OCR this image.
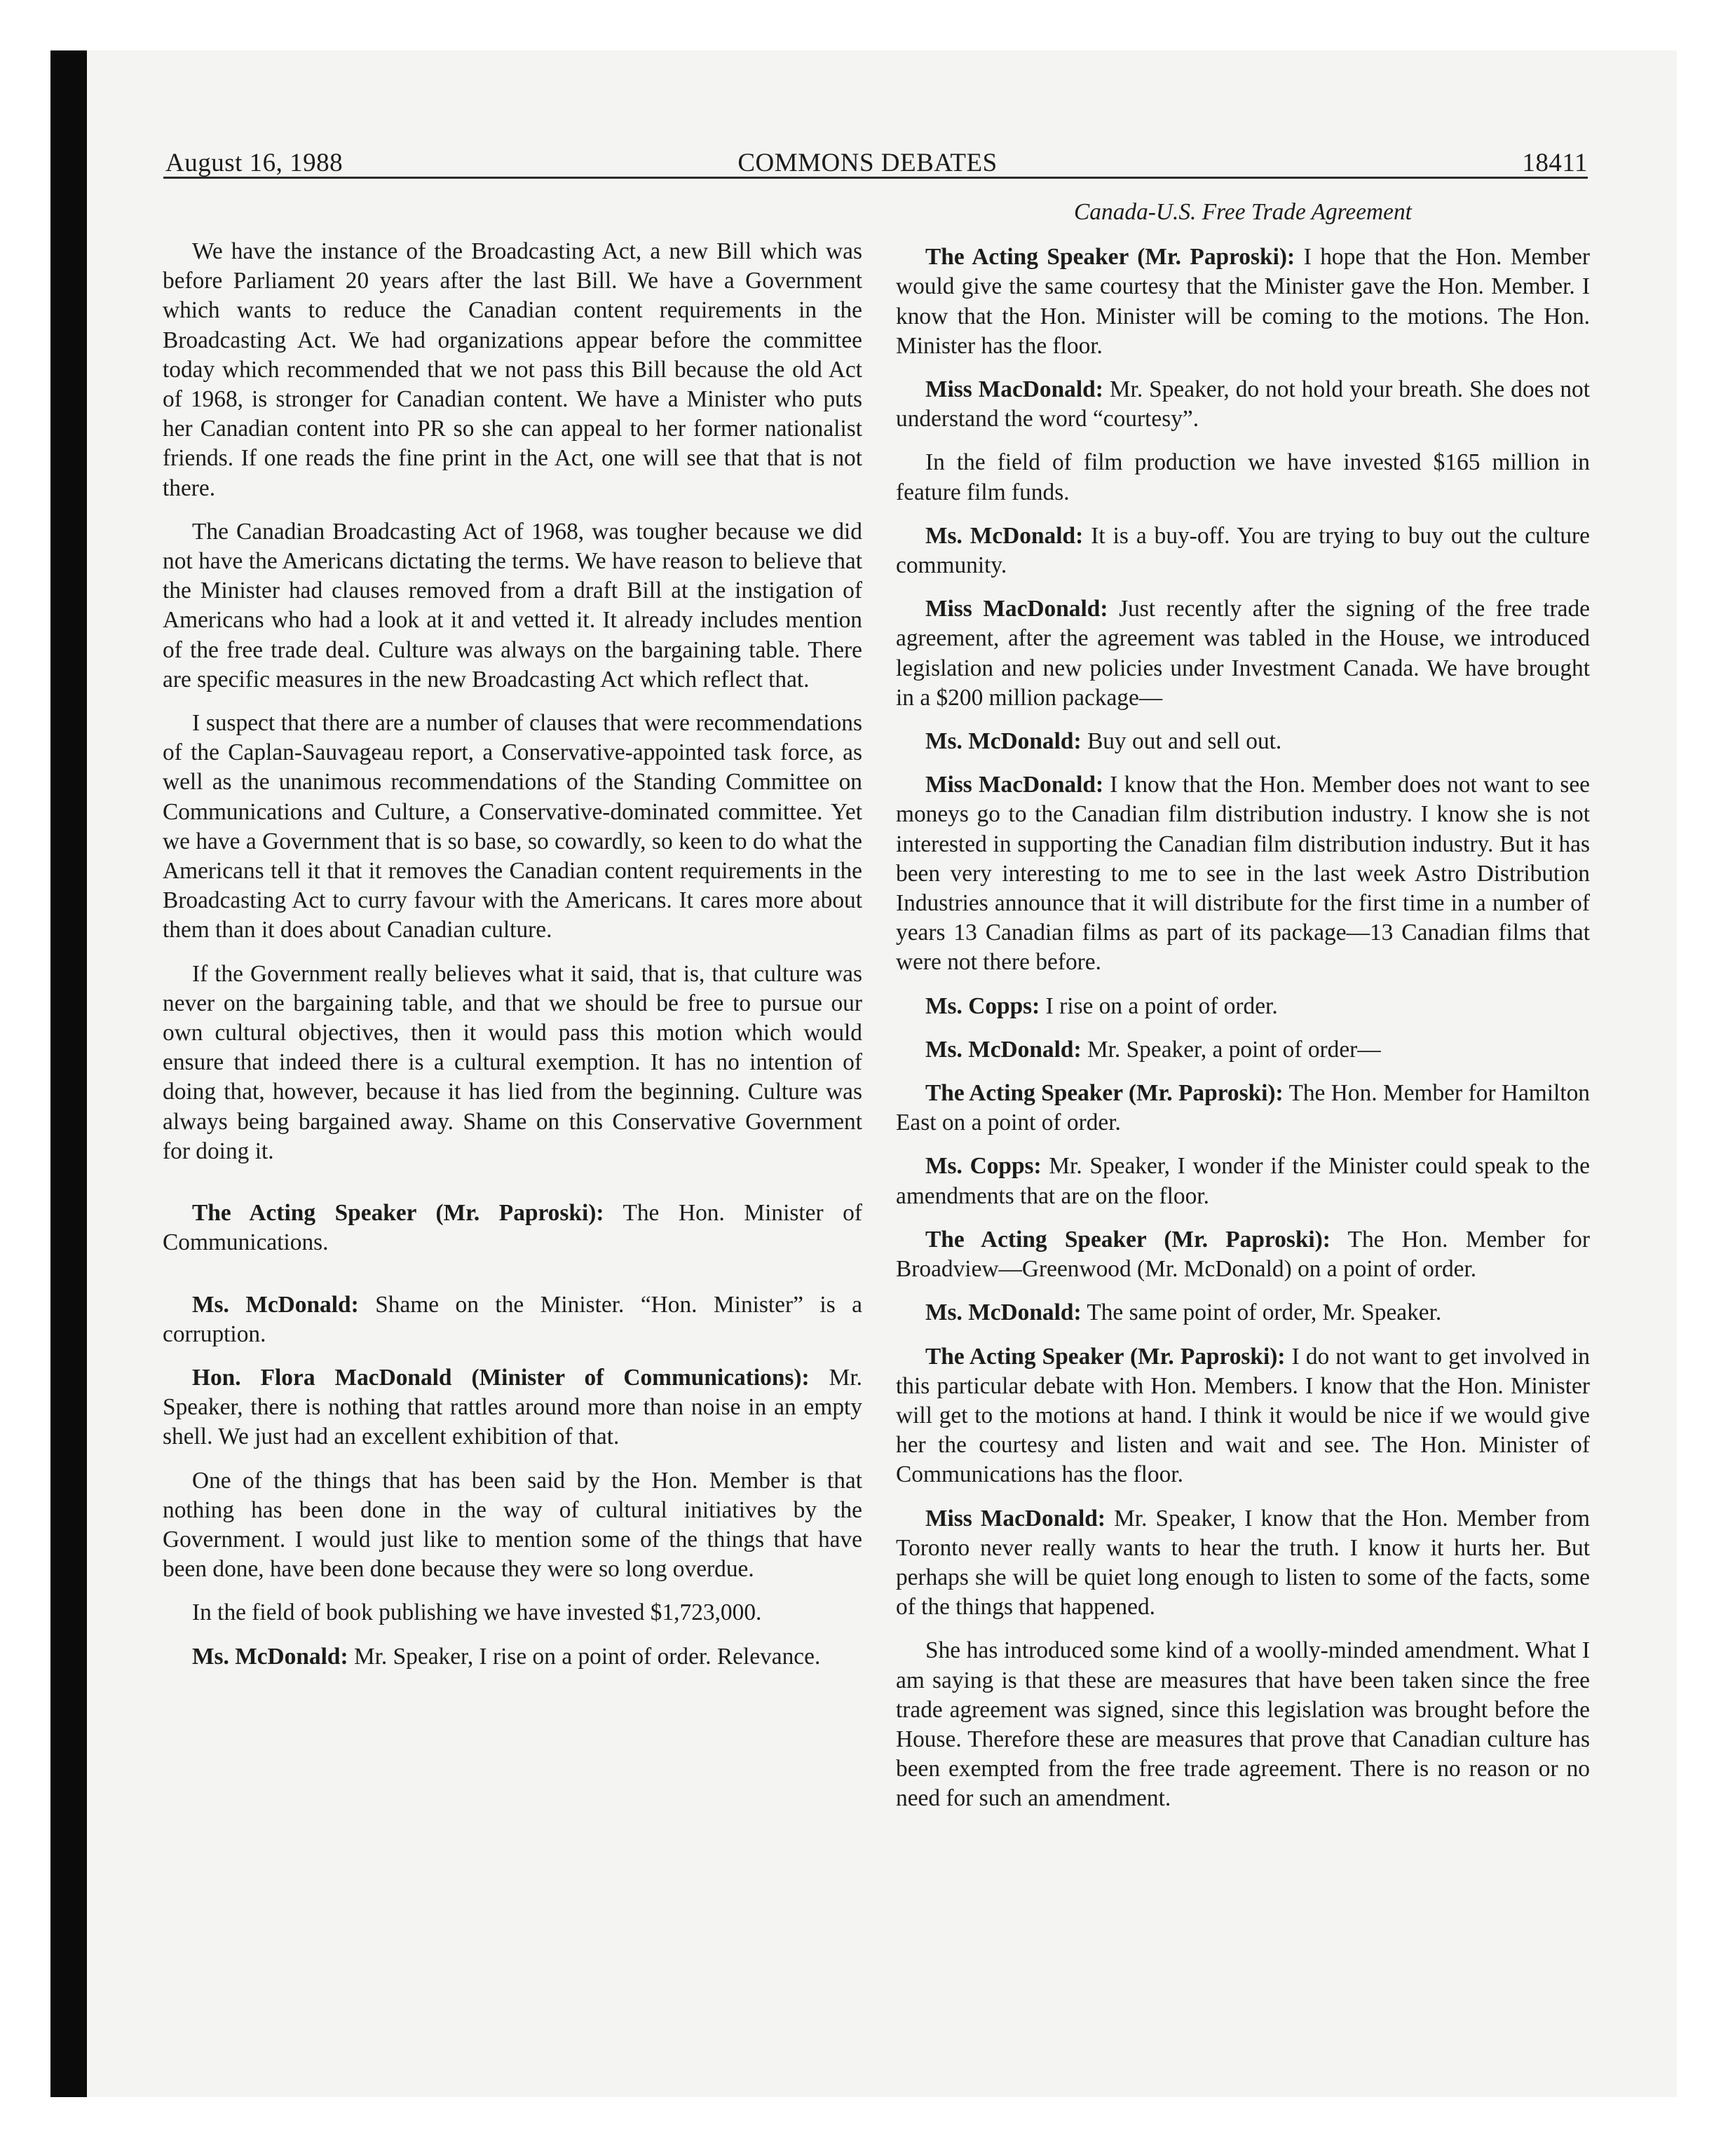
August 16, 1988	COMMONS DEBATES	18411

We have the instance of the Broadcasting Act, a new Bill which was before Parliament 20 years after the last Bill. We have a Government which wants to reduce the Canadian content requirements in the Broadcasting Act. We had organizations appear before the committee today which recommended that we not pass this Bill because the old Act of 1968, is stronger for Canadian content. We have a Minister who puts her Canadian content into PR so she can appeal to her former nationalist friends. If one reads the fine print in the Act, one will see that that is not there.

The Canadian Broadcasting Act of 1968, was tougher because we did not have the Americans dictating the terms. We have reason to believe that the Minister had clauses removed from a draft Bill at the instigation of Americans who had a look at it and vetted it. It already includes mention of the free trade deal. Culture was always on the bargaining table. There are specific measures in the new Broadcasting Act which reflect that.

I suspect that there are a number of clauses that were recommendations of the Caplan-Sauvageau report, a Conservative-appointed task force, as well as the unanimous recommendations of the Standing Committee on Communications and Culture, a Conservative-dominated committee. Yet we have a Government that is so base, so cowardly, so keen to do what the Americans tell it that it removes the Canadian content requirements in the Broadcasting Act to curry favour with the Americans. It cares more about them than it does about Canadian culture.

If the Government really believes what it said, that is, that culture was never on the bargaining table, and that we should be free to pursue our own cultural objectives, then it would pass this motion which would ensure that indeed there is a cultural exemption. It has no intention of doing that, however, because it has lied from the beginning. Culture was always being bargained away. Shame on this Conservative Government for doing it.

The Acting Speaker (Mr. Paproski): The Hon. Minister of Communications.

Ms. McDonald: Shame on the Minister. “Hon. Minister” is a corruption.

Hon. Flora MacDonald (Minister of Communications): Mr. Speaker, there is nothing that rattles around more than noise in an empty shell. We just had an excellent exhibition of that.

One of the things that has been said by the Hon. Member is that nothing has been done in the way of cultural initiatives by the Government. I would just like to mention some of the things that have been done, have been done because they were so long overdue.

In the field of book publishing we have invested $1,723,000.

Ms. McDonald: Mr. Speaker, I rise on a point of order. Relevance.

Canada-U.S. Free Trade Agreement

The Acting Speaker (Mr. Paproski): I hope that the Hon. Member would give the same courtesy that the Minister gave the Hon. Member. I know that the Hon. Minister will be coming to the motions. The Hon. Minister has the floor.

Miss MacDonald: Mr. Speaker, do not hold your breath. She does not understand the word “courtesy”.

In the field of film production we have invested $165 million in feature film funds.

Ms. McDonald: It is a buy-off. You are trying to buy out the culture community.

Miss MacDonald: Just recently after the signing of the free trade agreement, after the agreement was tabled in the House, we introduced legislation and new policies under Investment Canada. We have brought in a $200 million package—

Ms. McDonald: Buy out and sell out.

Miss MacDonald: I know that the Hon. Member does not want to see moneys go to the Canadian film distribution industry. I know she is not interested in supporting the Canadian film distribution industry. But it has been very interesting to me to see in the last week Astro Distribution Industries announce that it will distribute for the first time in a number of years 13 Canadian films as part of its package—13 Canadian films that were not there before.

Ms. Copps: I rise on a point of order.

Ms. McDonald: Mr. Speaker, a point of order—

The Acting Speaker (Mr. Paproski): The Hon. Member for Hamilton East on a point of order.

Ms. Copps: Mr. Speaker, I wonder if the Minister could speak to the amendments that are on the floor.

The Acting Speaker (Mr. Paproski): The Hon. Member for Broadview—Greenwood (Mr. McDonald) on a point of order.

Ms. McDonald: The same point of order, Mr. Speaker.

The Acting Speaker (Mr. Paproski): I do not want to get involved in this particular debate with Hon. Members. I know that the Hon. Minister will get to the motions at hand. I think it would be nice if we would give her the courtesy and listen and wait and see. The Hon. Minister of Communications has the floor.

Miss MacDonald: Mr. Speaker, I know that the Hon. Member from Toronto never really wants to hear the truth. I know it hurts her. But perhaps she will be quiet long enough to listen to some of the facts, some of the things that happened.

She has introduced some kind of a woolly-minded amendment. What I am saying is that these are measures that have been taken since the free trade agreement was signed, since this legislation was brought before the House. Therefore these are measures that prove that Canadian culture has been exempted from the free trade agreement. There is no reason or no need for such an amendment.
